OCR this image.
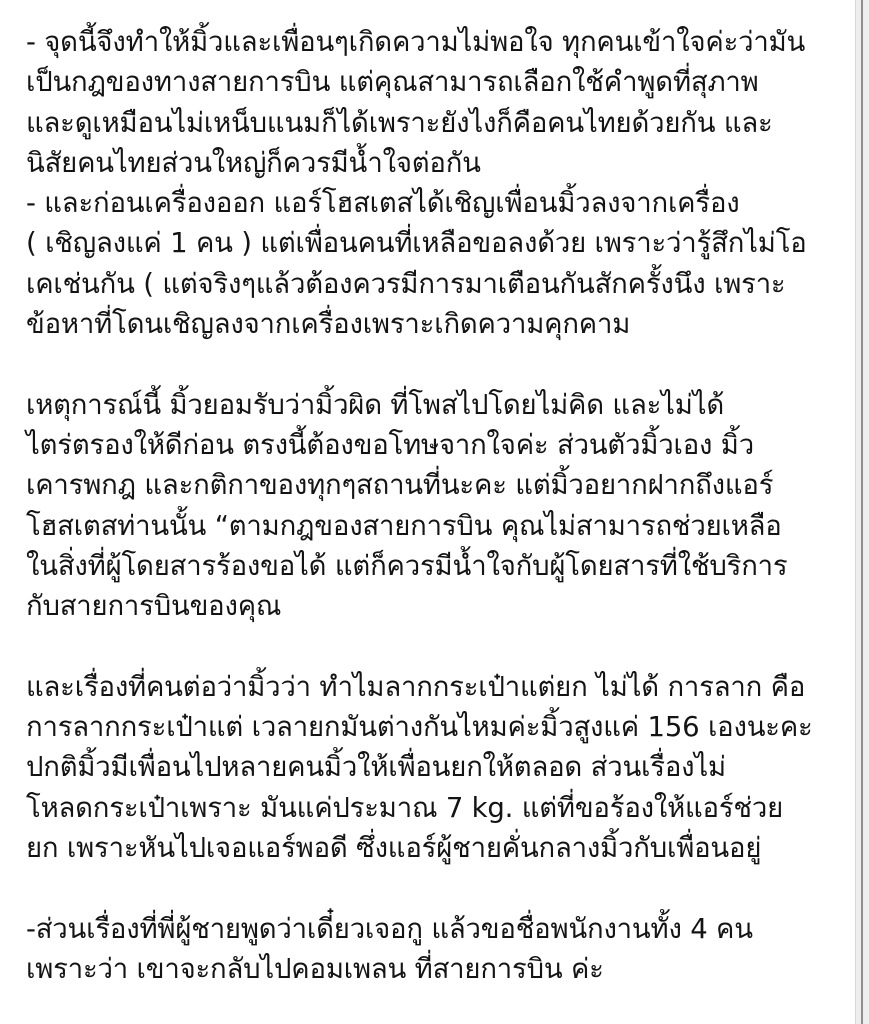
- จุดนี้จึงทำให้มิ้วและเพื่อนๆเกิดความไม่พอใจ ทุกคนเข้าใจค่ะว่ามัน
เป็นกฎของทางสายการบิน แต่คุณสามารถเลือกใช้คำพูดที่สุภาพ
และดูเหมือนไม่เหน็บแนมก็ได้เพราะยังไงก็คือคนไทยด้วยกัน และ
นิสัยคนไทยส่วนใหญ่ก็ควรมีน้ำใจต่อกัน
- และก่อนเครื่องออก แอร์โฮสเตสได้เชิญเพื่อนมิ้วลงจากเครื่อง
( เชิญลงแค่ 1 คน ) แต่เพื่อนคนที่เหลือขอลงด้วย เพราะว่ารู้สึกไม่โอ
เคเช่นกัน ( แต่จริงๆแล้วต้องควรมีการมาเตือนกันสักครั้งนึง เพราะ
ข้อหาที่โดนเชิญลงจากเครื่องเพราะเกิดความคุกคาม
เหตุการณ์นี้ มิ้วยอมรับว่ามิ้วผิด ที่โพสไปโดยไม่คิด และไม่ได้
ไตร่ตรองให้ดีก่อน ตรงนี้ต้องขอโทษจากใจค่ะ ส่วนตัวมิ้วเอง มิ้ว
เคารพกฎ และกติกาของทุกๆสถานที่นะคะ แต่มิ้วอยากฝากถึงแอร์
โฮสเตสท่านนั้น “ตามกฎของสายการบิน คุณไม่สามารถช่วยเหลือ
ในสิ่งที่ผู้โดยสารร้องขอได้ แต่ก็ควรมีน้ำใจกับผู้โดยสารที่ใช้บริการ
กับสายการบินของคุณ
และเรื่องที่คนต่อว่ามิ้วว่า ทำไมลากกระเป๋าแต่ยก ไม่ได้ การลาก คือ
การลากกระเป๋าแต่ เวลายกมันต่างกันไหมค่ะมิ้วสูงแค่ 156 เองนะคะ
ปกติมิ้วมีเพื่อนไปหลายคนมิ้วให้เพื่อนยกให้ตลอด ส่วนเรื่องไม่
โหลดกระเป๋าเพราะ มันแค่ประมาณ 7 kg. แต่ที่ขอร้องให้แอร์ช่วย
ยก เพราะหันไปเจอแอร์พอดี ซึ่งแอร์ผู้ชายคั่นกลางมิ้วกับเพื่อนอยู่
-ส่วนเรื่องที่พี่ผู้ชายพูดว่าเดี๋ยวเจอกู แล้วขอชื่อพนักงานทั้ง 4 คน
เพราะว่า เขาจะกลับไปคอมเพลน ที่สายการบิน ค่ะ
